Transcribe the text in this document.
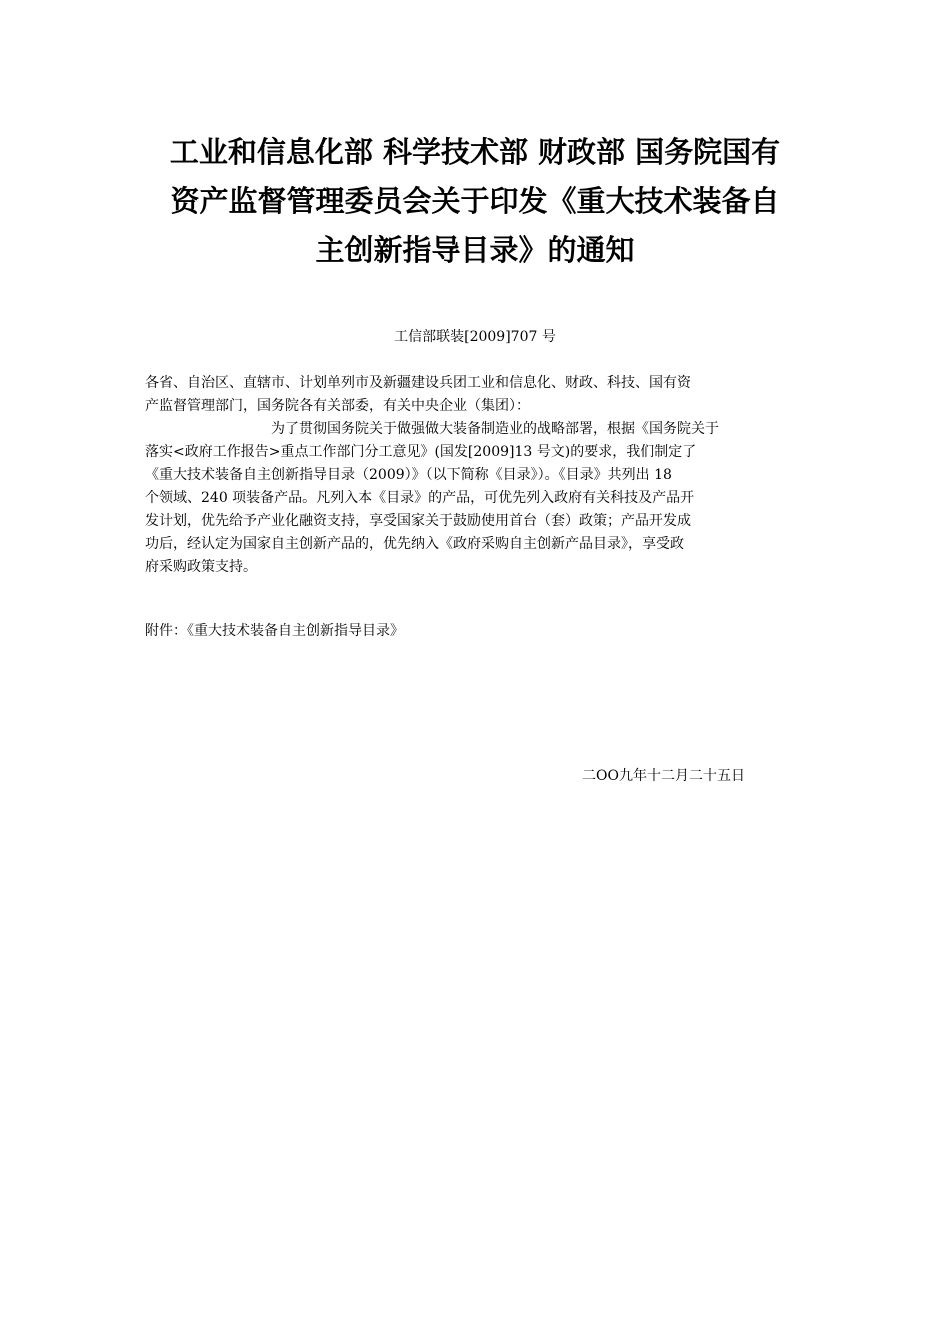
工业和信息化部 科学技术部 财政部 国务院国有
资产监督管理委员会关于印发《重大技术装备自
主创新指导目录》的通知
工信部联装[2009]707 号
各省、自治区、直辖市、计划单列市及新疆建设兵团工业和信息化、财政、科技、国有资
产监督管理部门，国务院各有关部委，有关中央企业（集团）：
为了贯彻国务院关于做强做大装备制造业的战略部署，根据《国务院关于
落实<政府工作报告>重点工作部门分工意见》(国发[2009]13 号文)的要求，我们制定了
《重大技术装备自主创新指导目录（2009）》（以下简称《目录》）。《目录》共列出 18
个领域、240 项装备产品。凡列入本《目录》的产品，可优先列入政府有关科技及产品开
发计划，优先给予产业化融资支持，享受国家关于鼓励使用首台（套）政策；产品开发成
功后，经认定为国家自主创新产品的，优先纳入《政府采购自主创新产品目录》，享受政
府采购政策支持。
附件：《重大技术装备自主创新指导目录》
二OO九年十二月二十五日
